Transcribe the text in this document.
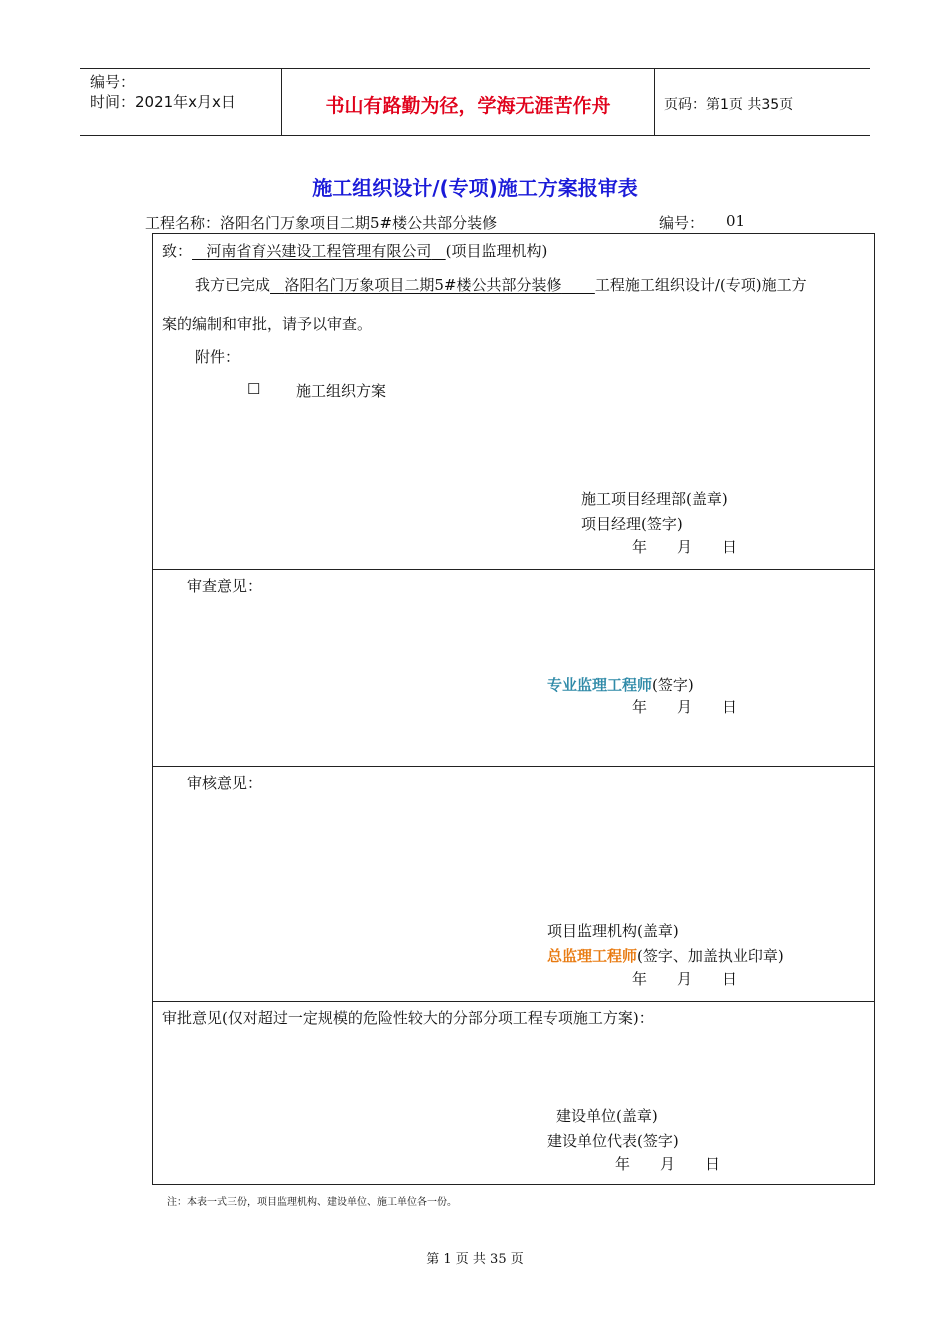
编号：
时间：2021年x月x日	书山有路勤为径，学海无涯苦作舟	页码：第1页 共35页
施工组织设计/(专项)施工方案报审表
工程名称：洛阳名门万象项目二期5#楼公共部分装修	编号： 01
致： 河南省育兴建设工程管理有限公司 (项目监理机构)
我方已完成 洛阳名门万象项目二期5#楼公共部分装修 工程施工组织设计/(专项)施工方
案的编制和审批，请予以审查。
附件：
☐ 施工组织方案
施工项目经理部(盖章)
项目经理(签字)
年 月 日
审查意见：
专业监理工程师(签字)
年 月 日
审核意见：
项目监理机构(盖章)
总监理工程师(签字、加盖执业印章)
年 月 日
审批意见(仅对超过一定规模的危险性较大的分部分项工程专项施工方案)：
建设单位(盖章)
建设单位代表(签字)
年 月 日
注：本表一式三份，项目监理机构、建设单位、施工单位各一份。
第 1 页 共 35 页
